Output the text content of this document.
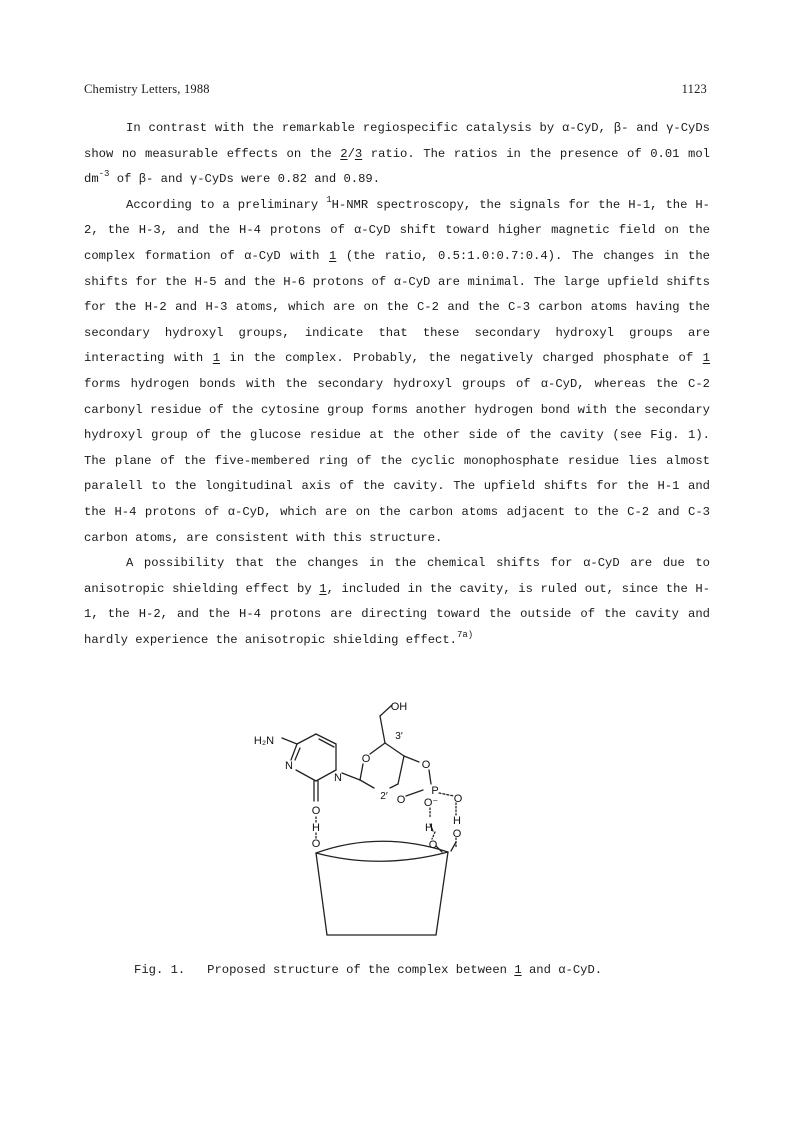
Chemistry Letters, 1988	1123

In contrast with the remarkable regiospecific catalysis by α-CyD, β- and γ-CyDs show no measurable effects on the 2/3 ratio. The ratios in the presence of 0.01 mol $dm^{-3}$ of β- and γ-CyDs were 0.82 and 0.89.

According to a preliminary $^1$H-NMR spectroscopy, the signals for the H-1, the H-2, the H-3, and the H-4 protons of α-CyD shift toward higher magnetic field on the complex formation of α-CyD with 1 (the ratio, 0.5:1.0:0.7:0.4). The changes in the shifts for the H-5 and the H-6 protons of α-CyD are minimal. The large upfield shifts for the H-2 and H-3 atoms, which are on the C-2 and the C-3 carbon atoms having the secondary hydroxyl groups, indicate that these secondary hydroxyl groups are interacting with 1 in the complex. Probably, the negatively charged phosphate of 1 forms hydrogen bonds with the secondary hydroxyl groups of α-CyD, whereas the C-2 carbonyl residue of the cytosine group forms another hydrogen bond with the secondary hydroxyl group of the glucose residue at the other side of the cavity (see Fig. 1). The plane of the five-membered ring of the cyclic monophosphate residue lies almost paralell to the longitudinal axis of the cavity. The upfield shifts for the H-1 and the H-4 protons of α-CyD, which are on the carbon atoms adjacent to the C-2 and C-3 carbon atoms, are consistent with this structure.

A possibility that the changes in the chemical shifts for α-CyD are due to anisotropic shielding effect by 1, included in the cavity, is ruled out, since the H-1, the H-2, and the H-4 protons are directing toward the outside of the cavity and hardly experience the anisotropic shielding effect.$^{7a)}$

OH
H₂N
N
N
O
H
O
O
3′
2′
O
O
P
O
O⁻
H
O
H
O
Fig. 1.   Proposed structure of the complex between 1 and α-CyD.
